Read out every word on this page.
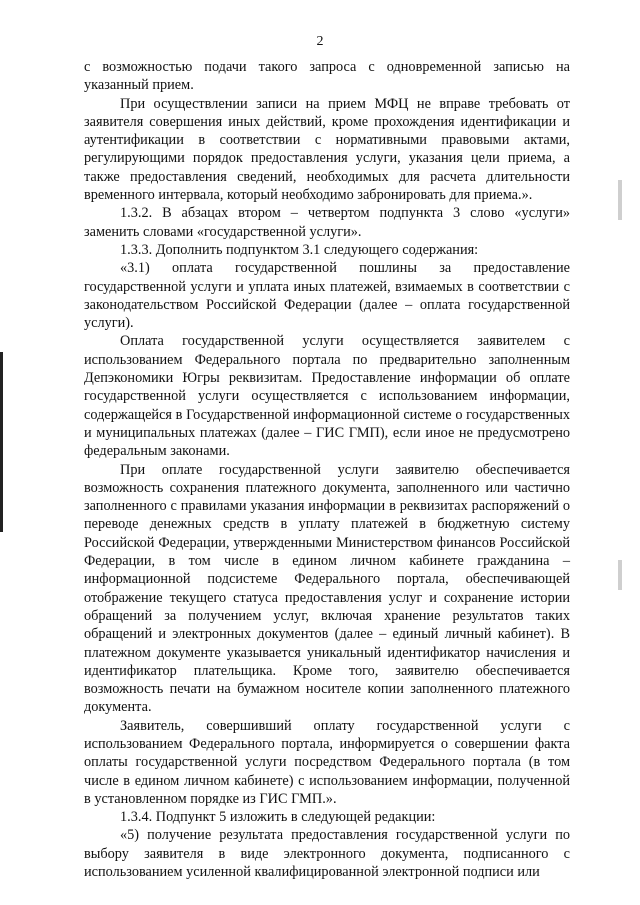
2

с возможностью подачи такого запроса с одновременной записью на указанный прием.

При осуществлении записи на прием МФЦ не вправе требовать от заявителя совершения иных действий, кроме прохождения идентификации и аутентификации в соответствии с нормативными правовыми актами, регулирующими порядок предоставления услуги, указания цели приема, а также предоставления сведений, необходимых для расчета длительности временного интервала, который необходимо забронировать для приема.».

1.3.2. В абзацах втором – четвертом подпункта 3 слово «услуги» заменить словами «государственной услуги».

1.3.3. Дополнить подпунктом 3.1 следующего содержания:

«3.1) оплата государственной пошлины за предоставление государственной услуги и уплата иных платежей, взимаемых в соответствии с законодательством Российской Федерации (далее – оплата государственной услуги).

Оплата государственной услуги осуществляется заявителем с использованием Федерального портала по предварительно заполненным Депэкономики Югры реквизитам. Предоставление информации об оплате государственной услуги осуществляется с использованием информации, содержащейся в Государственной информационной системе о государственных и муниципальных платежах (далее – ГИС ГМП), если иное не предусмотрено федеральным законами.

При оплате государственной услуги заявителю обеспечивается возможность сохранения платежного документа, заполненного или частично заполненного с правилами указания информации в реквизитах распоряжений о переводе денежных средств в уплату платежей в бюджетную систему Российской Федерации, утвержденными Министерством финансов Российской Федерации, в том числе в едином личном кабинете гражданина – информационной подсистеме Федерального портала, обеспечивающей отображение текущего статуса предоставления услуг и сохранение истории обращений за получением услуг, включая хранение результатов таких обращений и электронных документов (далее – единый личный кабинет). В платежном документе указывается уникальный идентификатор начисления и идентификатор плательщика. Кроме того, заявителю обеспечивается возможность печати на бумажном носителе копии заполненного платежного документа.

Заявитель, совершивший оплату государственной услуги с использованием Федерального портала, информируется о совершении факта оплаты государственной услуги посредством Федерального портала (в том числе в едином личном кабинете) с использованием информации, полученной в установленном порядке из ГИС ГМП.».

1.3.4. Подпункт 5 изложить в следующей редакции:

«5) получение результата предоставления государственной услуги по выбору заявителя в виде электронного документа, подписанного с использованием усиленной квалифицированной электронной подписи или
